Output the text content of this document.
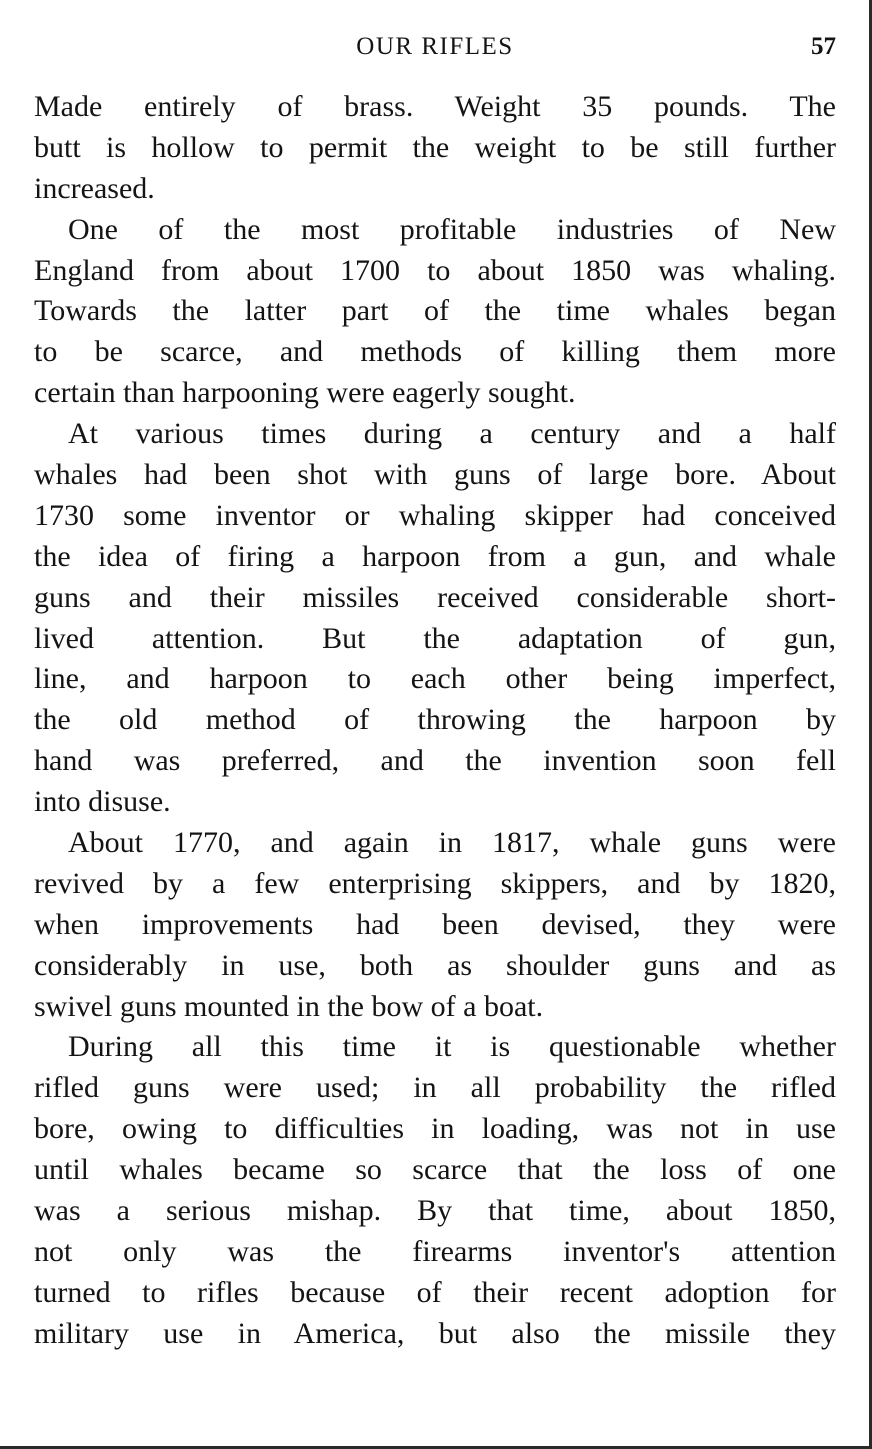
OUR RIFLES	57
Made entirely of brass. Weight 35 pounds. The
butt is hollow to permit the weight to be still further
increased.
One of the most profitable industries of New
England from about 1700 to about 1850 was whaling.
Towards the latter part of the time whales began
to be scarce, and methods of killing them more
certain than harpooning were eagerly sought.
At various times during a century and a half
whales had been shot with guns of large bore. About
1730 some inventor or whaling skipper had conceived
the idea of firing a harpoon from a gun, and whale
guns and their missiles received considerable short-
lived attention. But the adaptation of gun,
line, and harpoon to each other being imperfect,
the old method of throwing the harpoon by
hand was preferred, and the invention soon fell
into disuse.
About 1770, and again in 1817, whale guns were
revived by a few enterprising skippers, and by 1820,
when improvements had been devised, they were
considerably in use, both as shoulder guns and as
swivel guns mounted in the bow of a boat.
During all this time it is questionable whether
rifled guns were used; in all probability the rifled
bore, owing to difficulties in loading, was not in use
until whales became so scarce that the loss of one
was a serious mishap. By that time, about 1850,
not only was the firearms inventor's attention
turned to rifles because of their recent adoption for
military use in America, but also the missile they
